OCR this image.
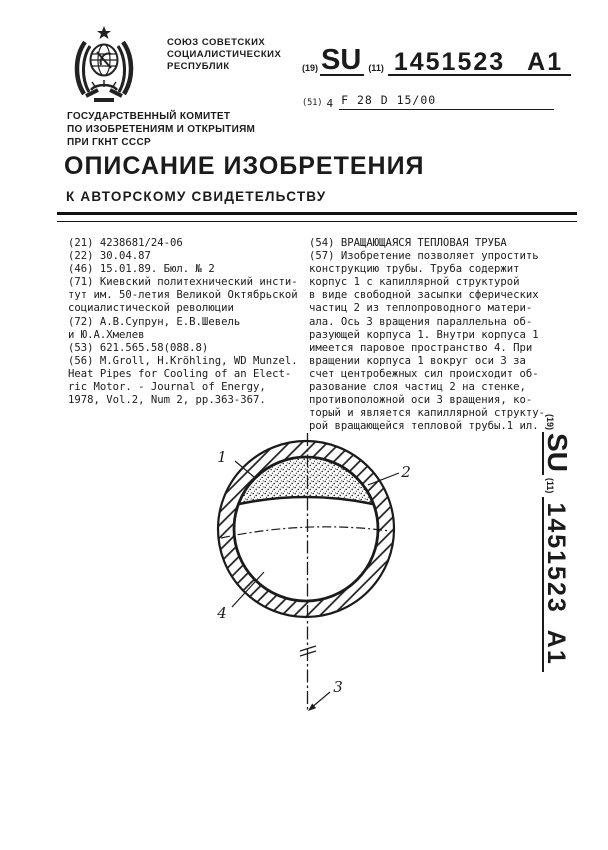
СОЮЗ СОВЕТСКИХ
СОЦИАЛИСТИЧЕСКИХ
РЕСПУБЛИК	(19) SU (11) 1451523 A1
(51) 4 F 28 D 15/00
ГОСУДАРСТВЕННЫЙ КОМИТЕТ
ПО ИЗОБРЕТЕНИЯМ И ОТКРЫТИЯМ
ПРИ ГКНТ СССР
ОПИСАНИЕ ИЗОБРЕТЕНИЯ
К АВТОРСКОМУ СВИДЕТЕЛЬСТВУ
(21) 4238681/24-06
(22) 30.04.87
(46) 15.01.89. Бюл. № 2
(71) Киевский политехнический инсти-
тут им. 50-летия Великой Октябрьской
социалистической революции
(72) А.В.Супрун, Е.В.Шевель
и Ю.А.Хмелев
(53) 621.565.58(088.8)
(56) M.Groll, H.Kröhling, WD Munzel.
Heat Pipes for Cooling of an Elect-
ric Motor. - Journal of Energy,
1978, Vol.2, Num 2, pp.363-367.
(54) ВРАЩАЮЩАЯСЯ ТЕПЛОВАЯ ТРУБА
(57) Изобретение позволяет упростить
конструкцию трубы. Труба содержит
корпус 1 с капиллярной структурой
в виде свободной засыпки сферических
частиц 2 из теплопроводного матери-
ала. Ось 3 вращения параллельна об-
разующей корпуса 1. Внутри корпуса 1
имеется паровое пространство 4. При
вращении корпуса 1 вокруг оси 3 за
счет центробежных сил происходит об-
разование слоя частиц 2 на стенке,
противоположной оси 3 вращения, ко-
торый и является капиллярной структу-
рой вращающейся тепловой трубы.1 ил.
1
2
4
3
(19)
SU
(11)
1451523
A1
